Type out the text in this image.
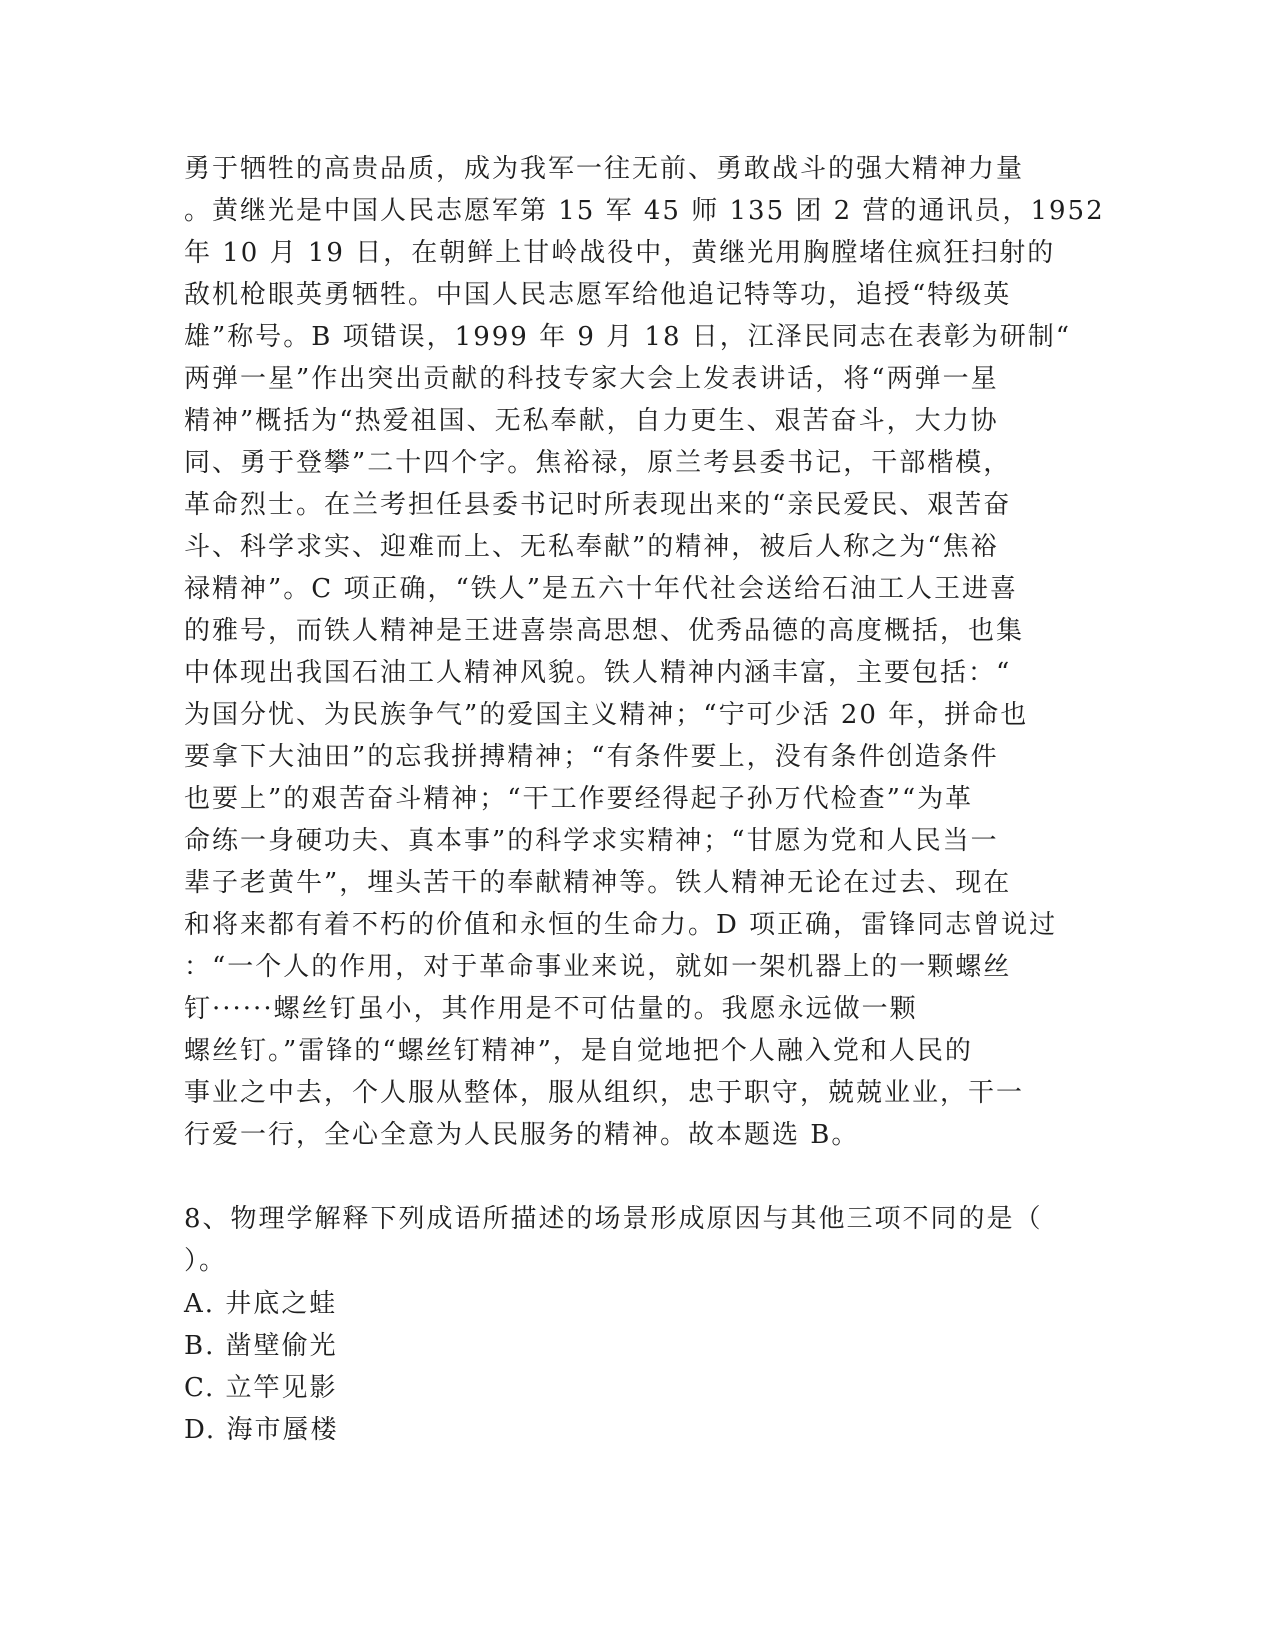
勇于牺牲的高贵品质，成为我军一往无前、勇敢战斗的强大精神力量
。黄继光是中国人民志愿军第 15 军 45 师 135 团 2 营的通讯员，1952
年 10 月 19 日，在朝鲜上甘岭战役中，黄继光用胸膛堵住疯狂扫射的
敌机枪眼英勇牺牲。中国人民志愿军给他追记特等功，追授“特级英
雄”称号。B 项错误，1999 年 9 月 18 日，江泽民同志在表彰为研制“
两弹一星”作出突出贡献的科技专家大会上发表讲话，将“两弹一星
精神”概括为“热爱祖国、无私奉献，自力更生、艰苦奋斗，大力协
同、勇于登攀”二十四个字。焦裕禄，原兰考县委书记，干部楷模，
革命烈士。在兰考担任县委书记时所表现出来的“亲民爱民、艰苦奋
斗、科学求实、迎难而上、无私奉献”的精神，被后人称之为“焦裕
禄精神”。C 项正确，“铁人”是五六十年代社会送给石油工人王进喜
的雅号，而铁人精神是王进喜崇高思想、优秀品德的高度概括，也集
中体现出我国石油工人精神风貌。铁人精神内涵丰富，主要包括：“
为国分忧、为民族争气”的爱国主义精神；“宁可少活 20 年，拼命也
要拿下大油田”的忘我拼搏精神；“有条件要上，没有条件创造条件
也要上”的艰苦奋斗精神；“干工作要经得起子孙万代检查”“为革
命练一身硬功夫、真本事”的科学求实精神；“甘愿为党和人民当一
辈子老黄牛”，埋头苦干的奉献精神等。铁人精神无论在过去、现在
和将来都有着不朽的价值和永恒的生命力。D 项正确，雷锋同志曾说过
：“一个人的作用，对于革命事业来说，就如一架机器上的一颗螺丝
钉······螺丝钉虽小，其作用是不可估量的。我愿永远做一颗
螺丝钉。”雷锋的“螺丝钉精神”，是自觉地把个人融入党和人民的
事业之中去，个人服从整体，服从组织，忠于职守，兢兢业业，干一
行爱一行，全心全意为人民服务的精神。故本题选 B。
8、物理学解释下列成语所描述的场景形成原因与其他三项不同的是（
）。
A. 井底之蛙
B. 凿壁偷光
C. 立竿见影
D. 海市蜃楼
